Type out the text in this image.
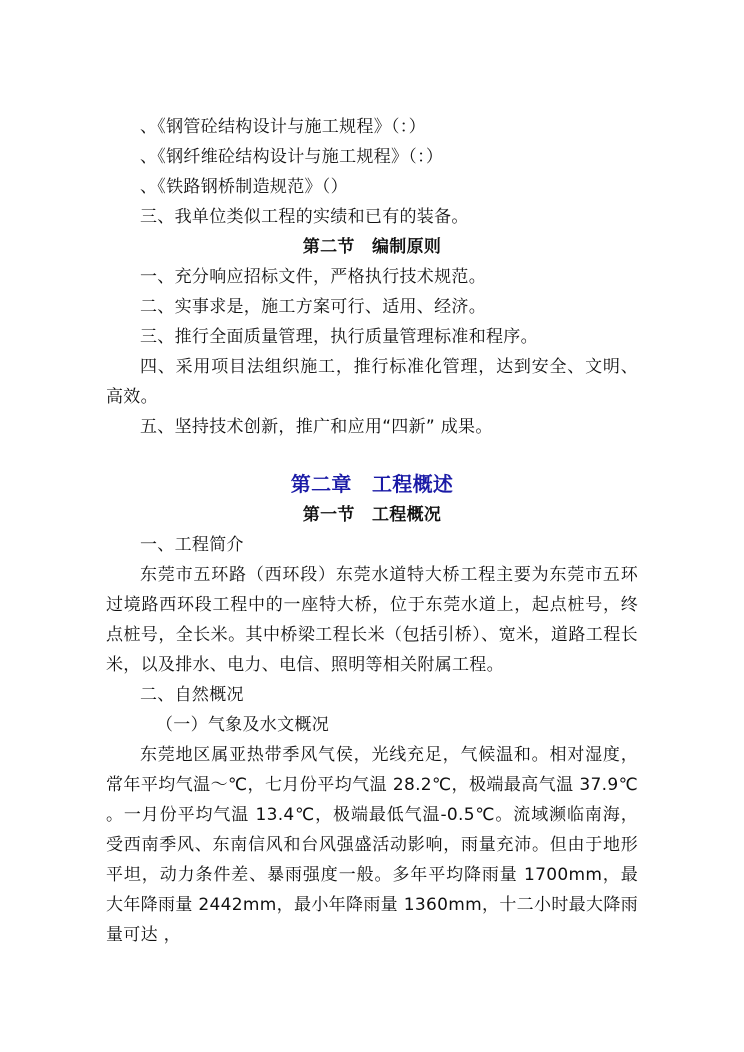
、《钢管砼结构设计与施工规程》（：）

、《钢纤维砼结构设计与施工规程》（：）

、《铁路钢桥制造规范》（）

三、我单位类似工程的实绩和已有的装备。

第二节　编制原则

一、充分响应招标文件，严格执行技术规范。

二、实事求是，施工方案可行、适用、经济。

三、推行全面质量管理，执行质量管理标准和程序。

四、采用项目法组织施工，推行标准化管理，达到安全、文明、高效。

五、坚持技术创新，推广和应用“四新” 成果。

第二章　工程概述

第一节　工程概况

一、工程简介

东莞市五环路（西环段）东莞水道特大桥工程主要为东莞市五环过境路西环段工程中的一座特大桥，位于东莞水道上，起点桩号，终点桩号，全长米。其中桥梁工程长米（包括引桥）、宽米，道路工程长米，以及排水、电力、电信、照明等相关附属工程。

二、自然概况

（一）气象及水文概况

东莞地区属亚热带季风气侯，光线充足，气候温和。相对湿度，常年平均气温～℃，七月份平均气温 28.2℃，极端最高气温 37.9℃ 。一月份平均气温 13.4℃，极端最低气温-0.5℃。流域濒临南海，受西南季风、东南信风和台风强盛活动影响，雨量充沛。但由于地形平坦，动力条件差、暴雨强度一般。多年平均降雨量 1700mm，最大年降雨量 2442mm，最小年降雨量 1360mm，十二小时最大降雨量可达 ，
